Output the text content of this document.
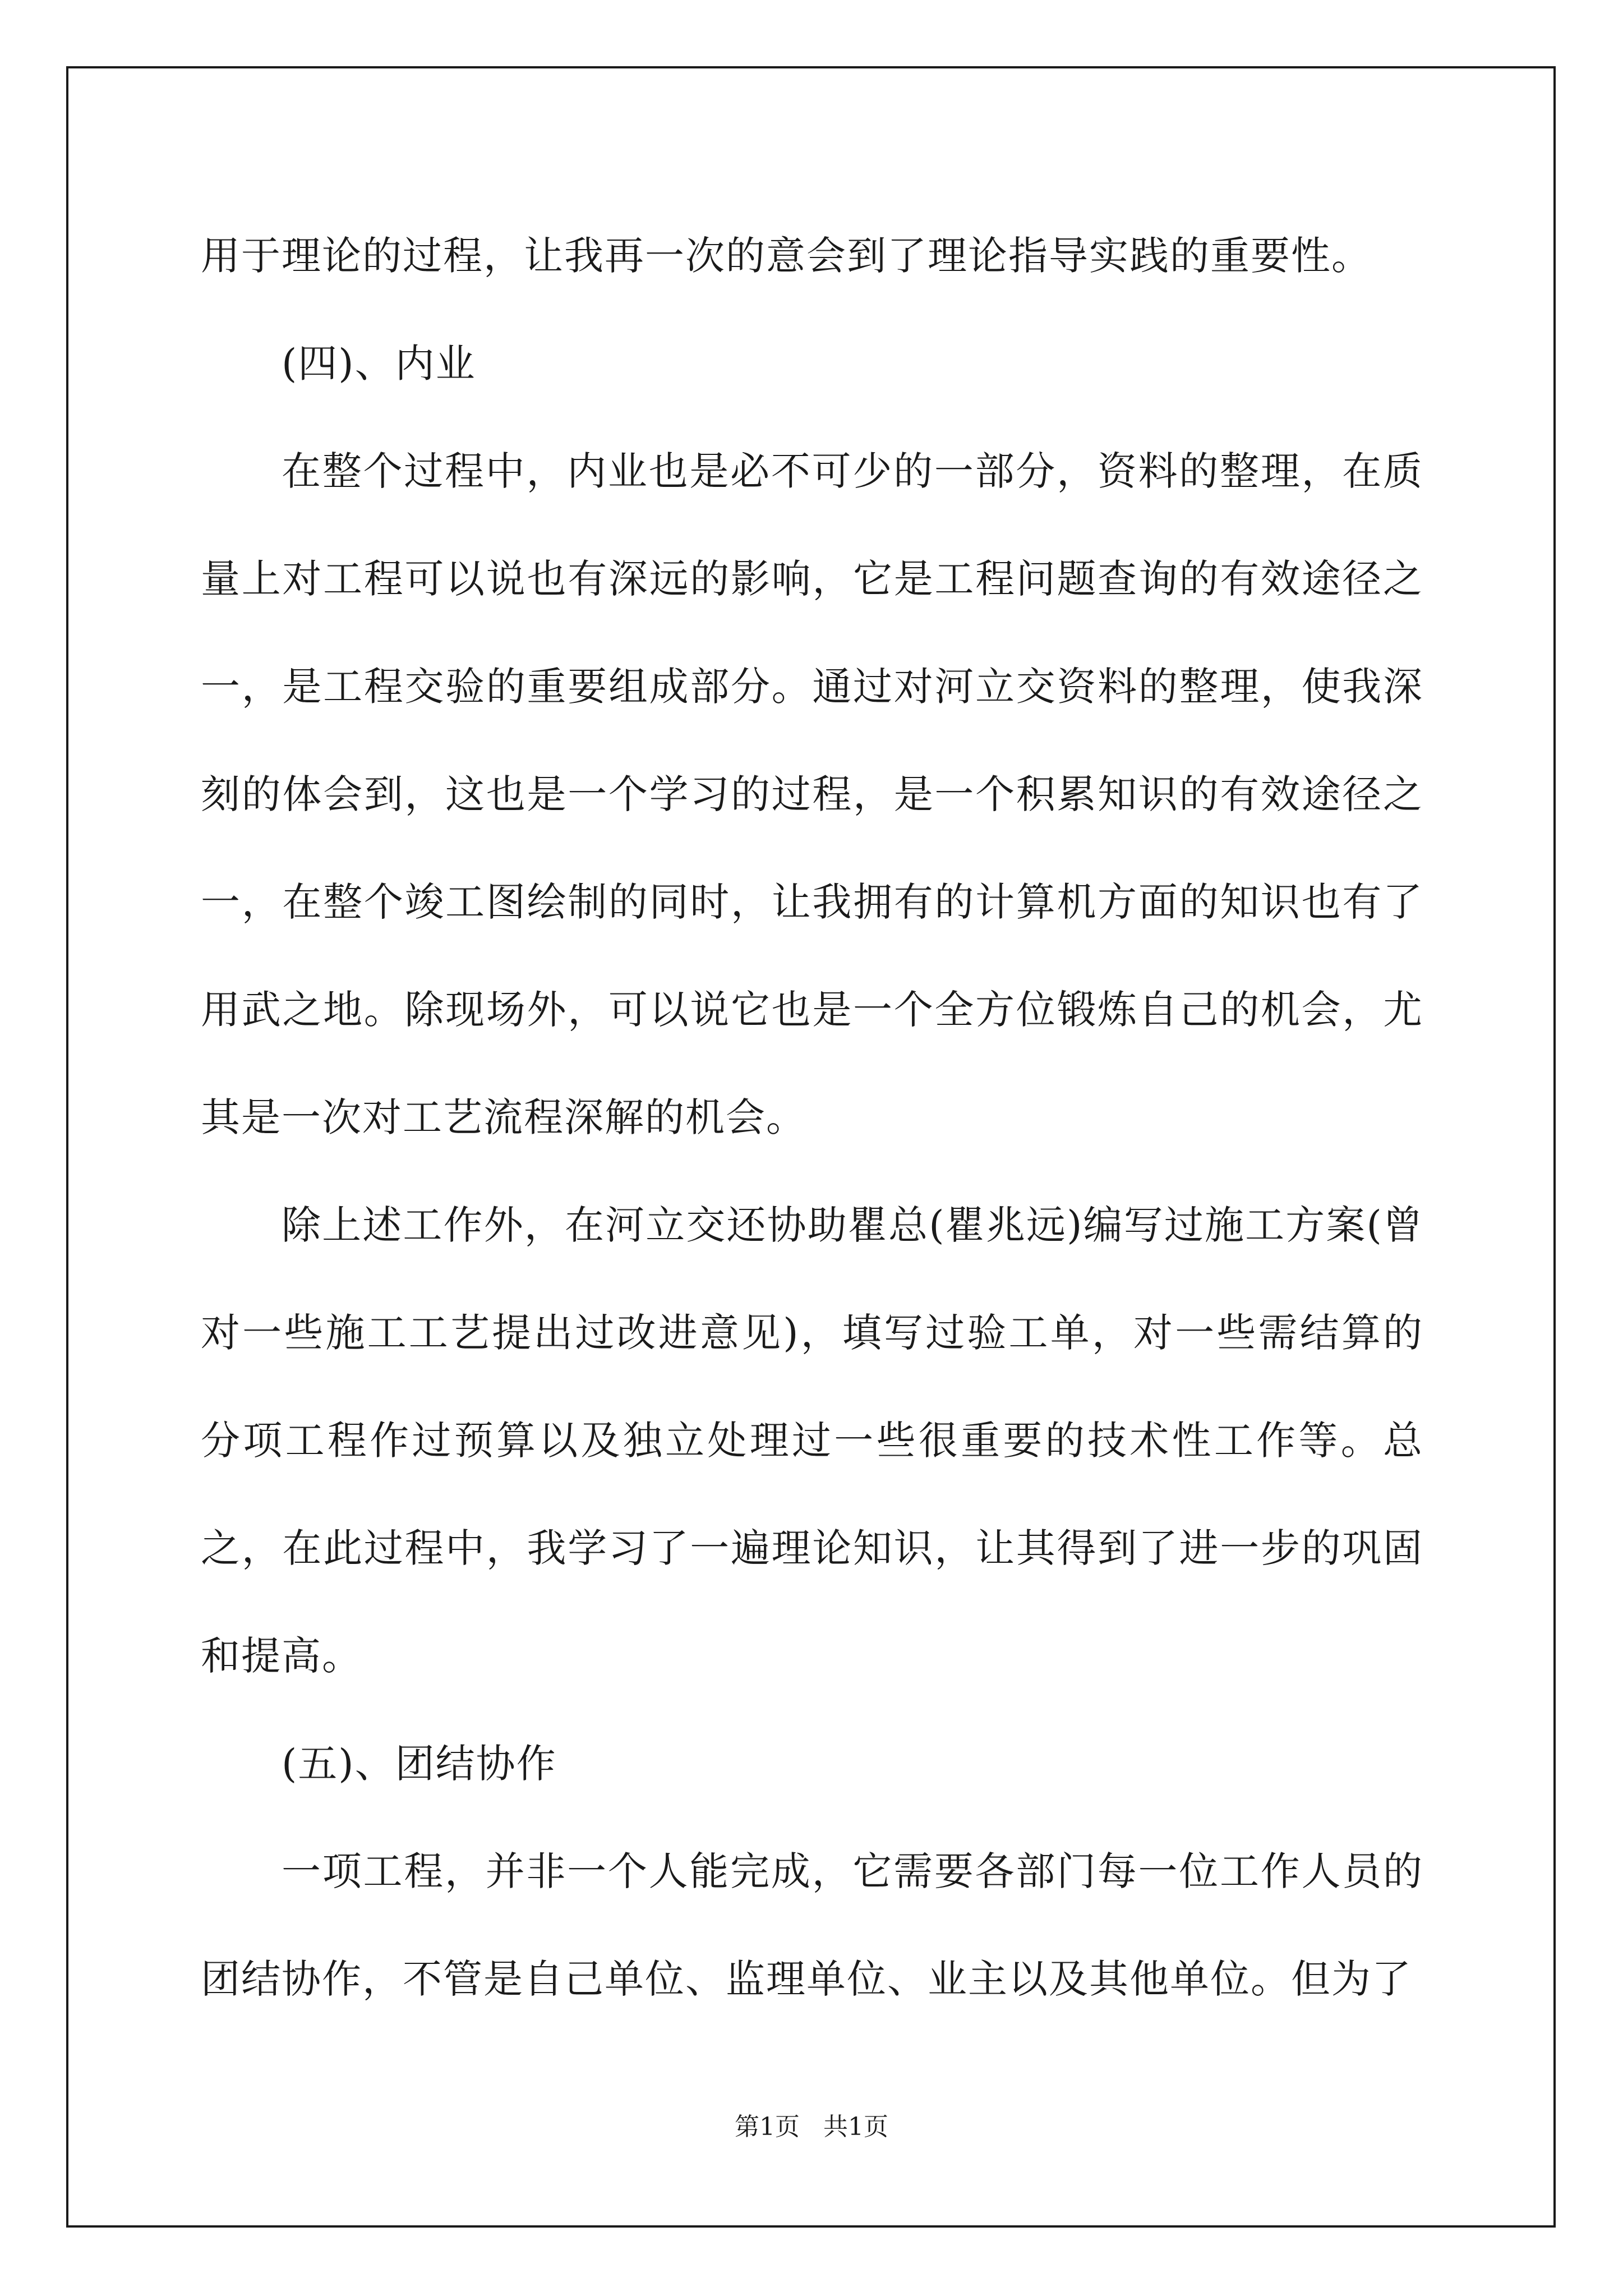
用于理论的过程，让我再一次的意会到了理论指导实践的重要性。

(四)、内业

在整个过程中，内业也是必不可少的一部分，资料的整理，在质量上对工程可以说也有深远的影响，它是工程问题查询的有效途径之一，是工程交验的重要组成部分。通过对河立交资料的整理，使我深刻的体会到，这也是一个学习的过程，是一个积累知识的有效途径之一，在整个竣工图绘制的同时，让我拥有的计算机方面的知识也有了用武之地。除现场外，可以说它也是一个全方位锻炼自己的机会，尤其是一次对工艺流程深解的机会。

除上述工作外，在河立交还协助瞿总(瞿兆远)编写过施工方案(曾对一些施工工艺提出过改进意见)，填写过验工单，对一些需结算的分项工程作过预算以及独立处理过一些很重要的技术性工作等。总之，在此过程中，我学习了一遍理论知识，让其得到了进一步的巩固和提高。

(五)、团结协作

一项工程，并非一个人能完成，它需要各部门每一位工作人员的团结协作，不管是自己单位、监理单位、业主以及其他单位。但为了

第1页   共1页
